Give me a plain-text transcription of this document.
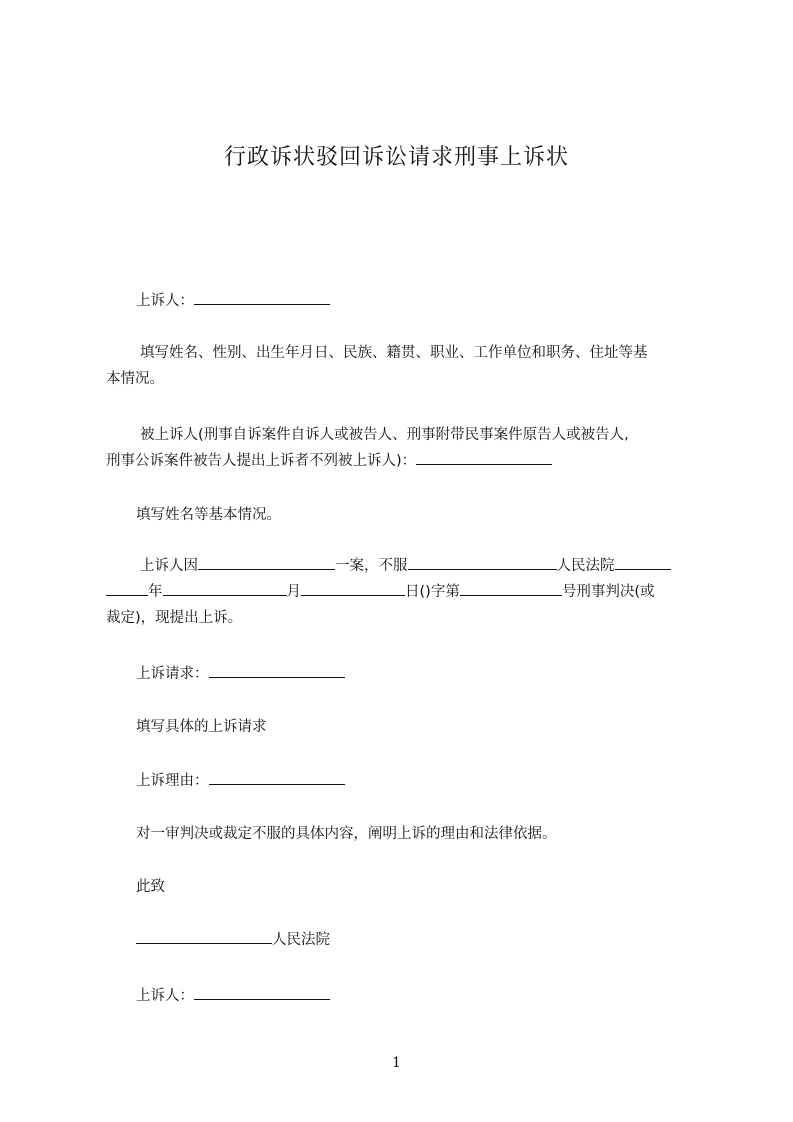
行政诉状驳回诉讼请求刑事上诉状
上诉人：
填写姓名、性别、出生年月日、民族、籍贯、职业、工作单位和职务、住址等基
本情况。
被上诉人(刑事自诉案件自诉人或被告人、刑事附带民事案件原告人或被告人,
刑事公诉案件被告人提出上诉者不列被上诉人)：
填写姓名等基本情况。
上诉人因	一案，不服	人民法院
年	月	日()字第	号刑事判决(或
裁定)，现提出上诉。
上诉请求：
填写具体的上诉请求
上诉理由：
对一审判决或裁定不服的具体内容，阐明上诉的理由和法律依据。
此致
人民法院
上诉人：
1
